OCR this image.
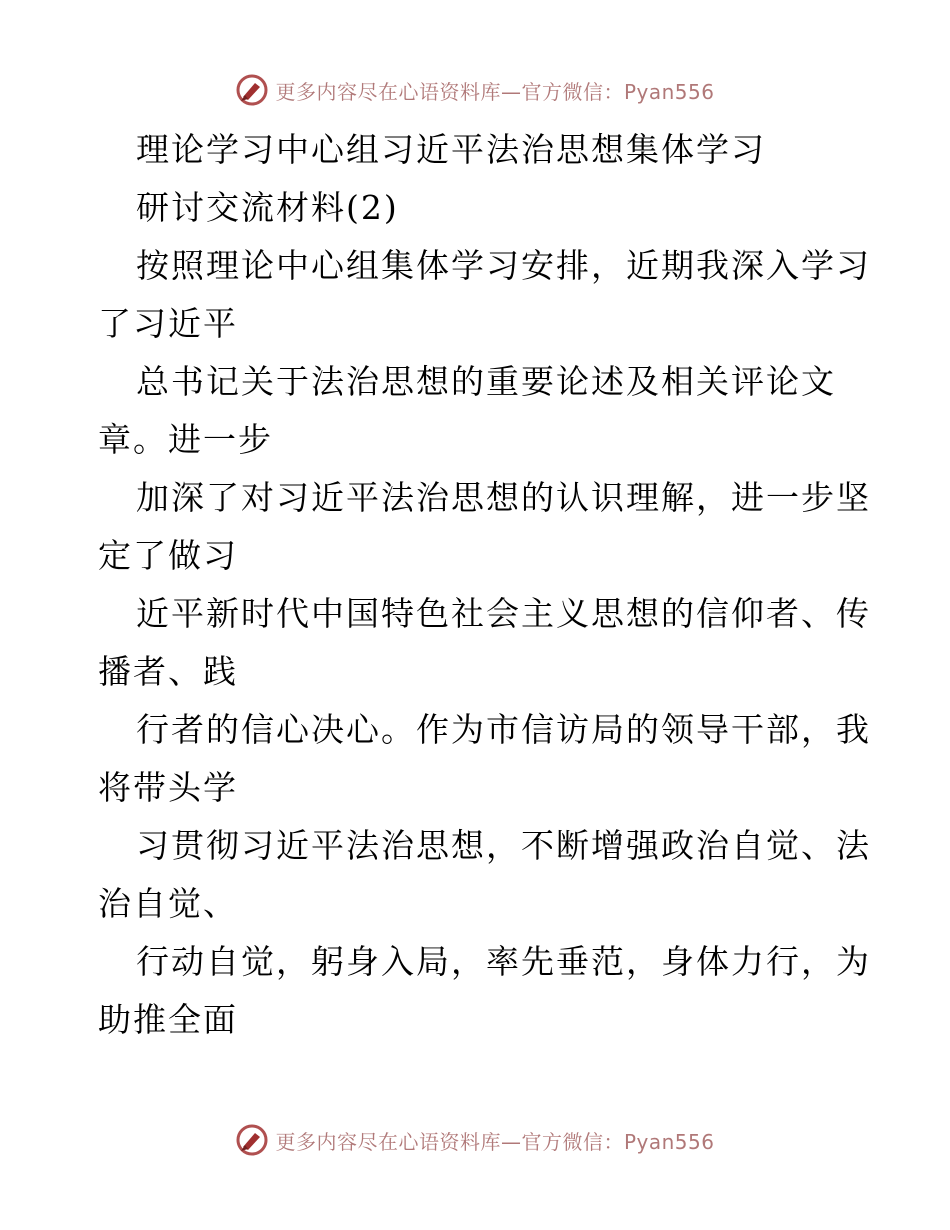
更多内容尽在心语资料库—官方微信：Pyan556
理论学习中心组习近平法治思想集体学习
研讨交流材料(2)
按照理论中心组集体学习安排，近期我深入学习
了习近平
总书记关于法治思想的重要论述及相关评论文
章。进一步
加深了对习近平法治思想的认识理解，进一步坚
定了做习
近平新时代中国特色社会主义思想的信仰者、传
播者、践
行者的信心决心。作为市信访局的领导干部，我
将带头学
习贯彻习近平法治思想，不断增强政治自觉、法
治自觉、
行动自觉，躬身入局，率先垂范，身体力行，为
助推全面
更多内容尽在心语资料库—官方微信：Pyan556
